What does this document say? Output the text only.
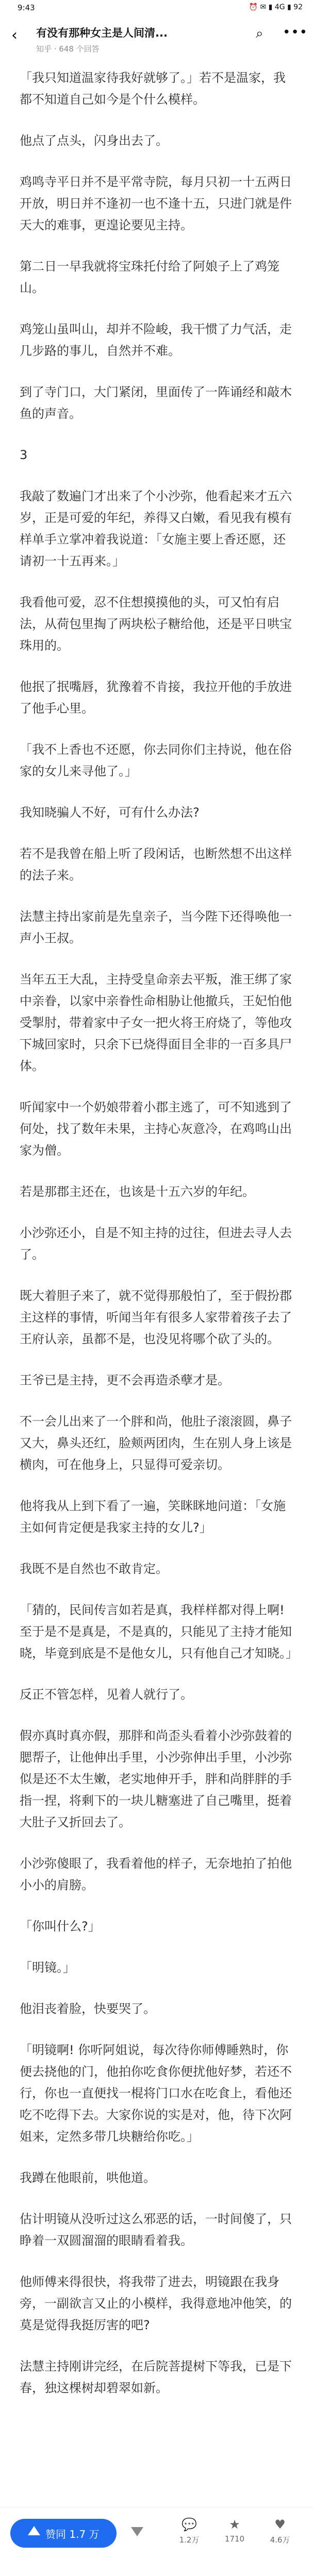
9:43	⏰ ✉ ▮ 4G ▮ 92
‹ 有没有那种女主是人间清...
知乎 · 648 个回答
⌕ •••

「我只知道温家待我好就够了。」若不是温家，我都不知道自己如今是个什么模样。

他点了点头，闪身出去了。

鸡鸣寺平日并不是平常寺院，每月只初一十五两日开放，明日并不逢初一也不逢十五，只进门就是件天大的难事，更遑论要见主持。

第二日一早我就将宝珠托付给了阿娘子上了鸡笼山。

鸡笼山虽叫山，却并不险峻，我干惯了力气活，走几步路的事儿，自然并不难。

到了寺门口，大门紧闭，里面传了一阵诵经和敲木鱼的声音。

3

我敲了数遍门才出来了个小沙弥，他看起来才五六岁，正是可爱的年纪，养得又白嫩，看见我有模有样单手立掌冲着我说道：「女施主要上香还愿，还请初一十五再来。」

我看他可爱，忍不住想摸摸他的头，可又怕有启法，从荷包里掏了两块松子糖给他，还是平日哄宝珠用的。

他抿了抿嘴唇，犹豫着不肯接，我拉开他的手放进了他手心里。

「我不上香也不还愿，你去同你们主持说，他在俗家的女儿来寻他了。」

我知晓骗人不好，可有什么办法?

若不是我曾在船上听了段闲话，也断然想不出这样的法子来。

法慧主持出家前是先皇亲子，当今陛下还得唤他一声小王叔。

当年五王大乱，主持受皇命亲去平叛，淮王绑了家中亲眷，以家中亲眷性命相胁让他撤兵，王妃怕他受掣肘，带着家中子女一把火将王府烧了，等他攻下城回家时，只余下已烧得面目全非的一百多具尸体。

听闻家中一个奶娘带着小郡主逃了，可不知逃到了何处，找了数年未果，主持心灰意冷，在鸡鸣山出家为僧。

若是那郡主还在，也该是十五六岁的年纪。

小沙弥还小，自是不知主持的过往，但进去寻人去了。

既大着胆子来了，就不觉得那般怕了，至于假扮郡主这样的事情，听闻当年有很多人家带着孩子去了王府认亲，虽都不是，也没见将哪个砍了头的。

王爷已是主持，更不会再造杀孽才是。

不一会儿出来了一个胖和尚，他肚子滚滚圆，鼻子又大，鼻头还红，脸颊两团肉，生在别人身上该是横肉，可在他身上，只显得可爱亲切。

他将我从上到下看了一遍，笑眯眯地问道：「女施主如何肯定便是我家主持的女儿?」

我既不是自然也不敢肯定。

「猜的，民间传言如若是真，我样样都对得上啊! 至于是不是真是，不是真的，只能见了主持才能知晓，毕竟到底是不是他女儿，只有他自己才知晓。」

反正不管怎样，见着人就行了。

假亦真时真亦假，那胖和尚歪头看着小沙弥鼓着的腮帮子，让他伸出手里，小沙弥伸出手里，小沙弥似是还不太生嫩，老实地伸开手，胖和尚胖胖的手指一捏，将剩下的一块儿糖塞进了自己嘴里，挺着大肚子又折回去了。

小沙弥傻眼了，我看着他的样子，无奈地拍了拍他小小的肩膀。

「你叫什么?」

「明镜。」

他泪丧着脸，快要哭了。

「明镜啊! 你听阿姐说，每次待你师傅睡熟时，你便去挠他的门，他拍你吃食你便扰他好梦，若还不行，你也一直便找一棍将门口水在吃食上，看他还吃不吃得下去。大家你说的实是对，他，待下次阿姐来，定然多带几块糖给你吃。」

我蹲在他眼前，哄他道。

估计明镜从没听过这么邪恶的话，一时间傻了，只睁着一双圆溜溜的眼睛看着我。

他师傅来得很快，将我带了进去，明镜跟在我身旁，一副欲言又止的小模样，我得意地冲他笑，的莫是觉得我挺厉害的吧?

法慧主持刚讲完经，在后院菩提树下等我，已是下春，独这棵树却碧翠如新。

赞同 1.7 万
💬
1.2万
★
1710
♥
4.6万
